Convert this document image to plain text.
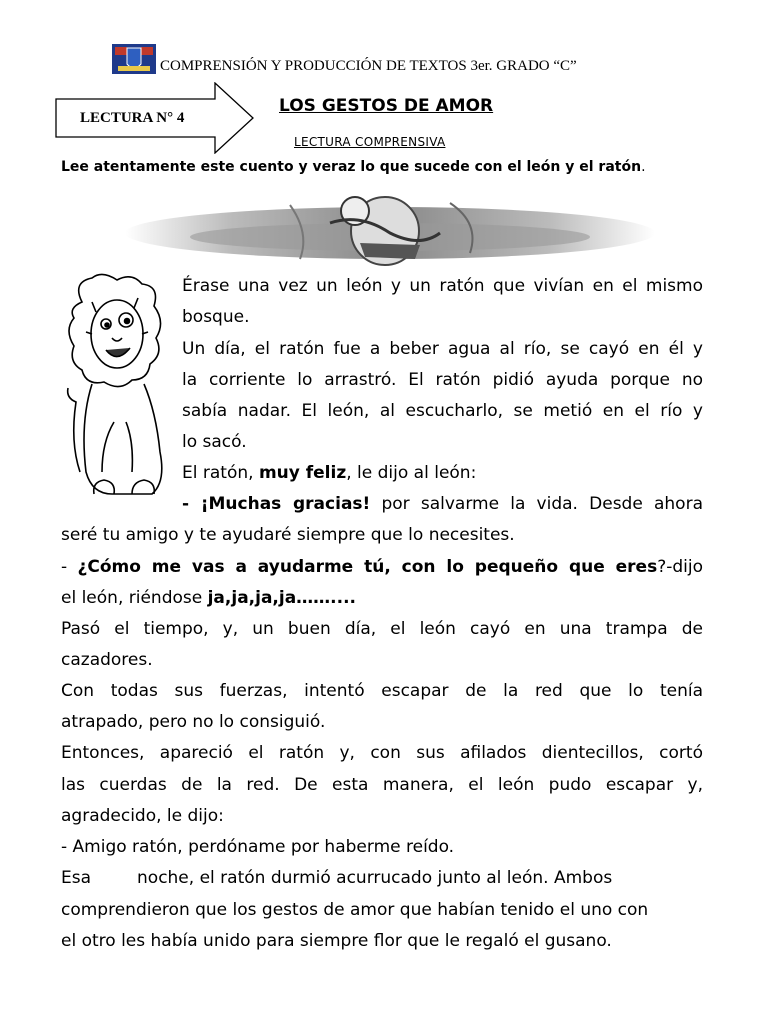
COMPRENSIÓN Y PRODUCCIÓN DE TEXTOS 3er. GRADO “C”
LECTURA N° 4
LOS GESTOS DE AMOR
LECTURA COMPRENSIVA
Lee atentamente este cuento y veraz lo que sucede con el león y el ratón.
Érase una vez un león y un ratón que vivían en el mismo
bosque.
Un día, el ratón fue a beber agua al río, se cayó en él y
la corriente lo arrastró. El ratón pidió ayuda porque no
sabía nadar. El león, al escucharlo, se metió en el río y
lo sacó.
El ratón, muy feliz, le dijo al león:
- ¡Muchas gracias! por salvarme la vida. Desde ahora
seré tu amigo y te ayudaré siempre que lo necesites.
- ¿Cómo me vas a ayudarme tú, con lo pequeño que eres?-dijo
el león, riéndose ja,ja,ja,ja……....
Pasó el tiempo, y, un buen día, el león cayó en una trampa de
cazadores.
Con todas sus fuerzas, intentó escapar de la red que lo tenía
atrapado, pero no lo consiguió.
Entonces, apareció el ratón y, con sus afilados dientecillos, cortó
las cuerdas de la red. De esta manera, el león pudo escapar y,
agradecido, le dijo:
- Amigo ratón, perdóname por haberme reído.
Esa	noche, el ratón durmió acurrucado junto al león. Ambos
comprendieron que los gestos de amor que habían tenido el uno con
el otro les había unido para siempre flor que le regaló el gusano.
